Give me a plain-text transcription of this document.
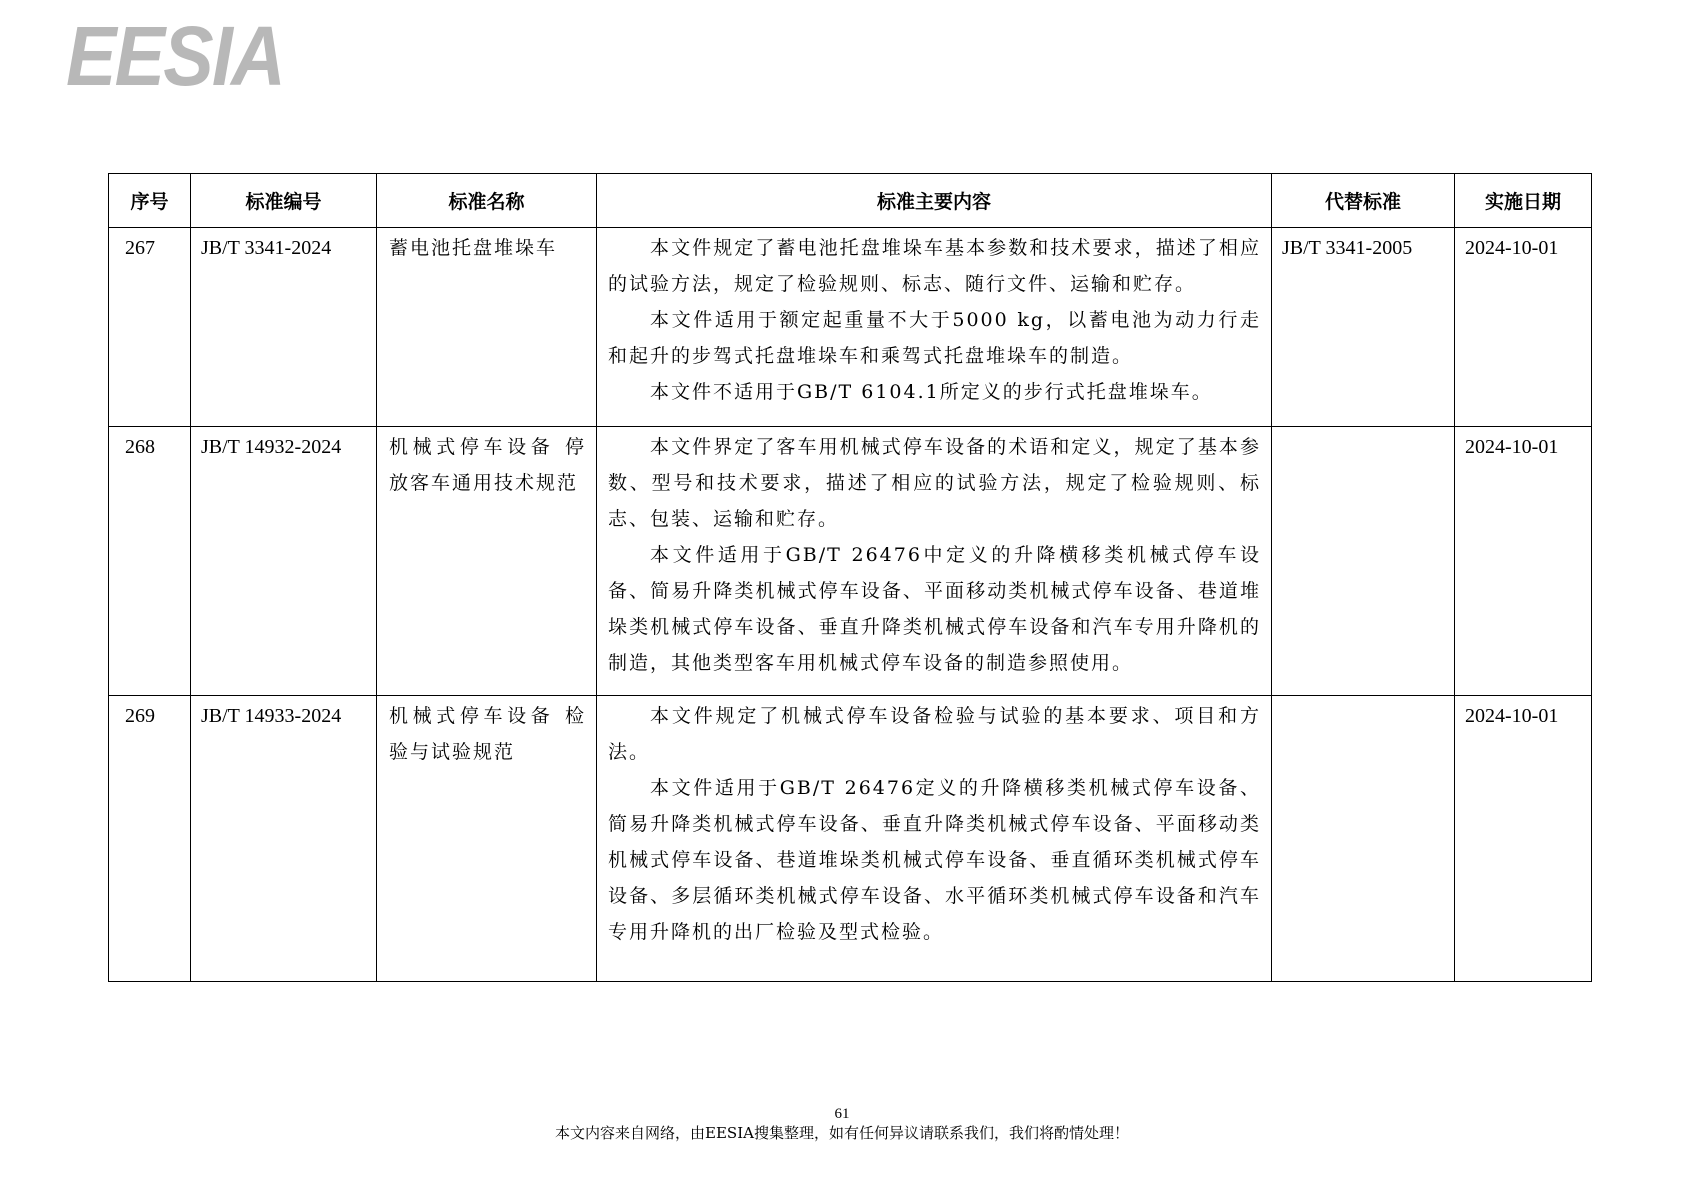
EESIA
序号	标准编号	标准名称	标准主要内容	代替标准	实施日期
267	JB/T 3341-2024	蓄电池托盘堆垛车	本文件规定了蓄电池托盘堆垛车基本参数和技术要求，描述了相应的试验方法，规定了检验规则、标志、随行文件、运输和贮存。

本文件适用于额定起重量不大于5000 kg，以蓄电池为动力行走和起升的步驾式托盘堆垛车和乘驾式托盘堆垛车的制造。

本文件不适用于GB/T 6104.1所定义的步行式托盘堆垛车。	JB/T 3341-2005	2024-10-01
268	JB/T 14932-2024	机械式停车设备 停放客车通用技术规范	本文件界定了客车用机械式停车设备的术语和定义，规定了基本参数、型号和技术要求，描述了相应的试验方法，规定了检验规则、标志、包装、运输和贮存。

本文件适用于GB/T 26476中定义的升降横移类机械式停车设备、简易升降类机械式停车设备、平面移动类机械式停车设备、巷道堆垛类机械式停车设备、垂直升降类机械式停车设备和汽车专用升降机的制造，其他类型客车用机械式停车设备的制造参照使用。		2024-10-01
269	JB/T 14933-2024	机械式停车设备 检验与试验规范	本文件规定了机械式停车设备检验与试验的基本要求、项目和方法。

本文件适用于GB/T 26476定义的升降横移类机械式停车设备、简易升降类机械式停车设备、垂直升降类机械式停车设备、平面移动类机械式停车设备、巷道堆垛类机械式停车设备、垂直循环类机械式停车设备、多层循环类机械式停车设备、水平循环类机械式停车设备和汽车专用升降机的出厂检验及型式检验。		2024-10-01
61
本文内容来自网络，由EESIA搜集整理，如有任何异议请联系我们，我们将酌情处理！
